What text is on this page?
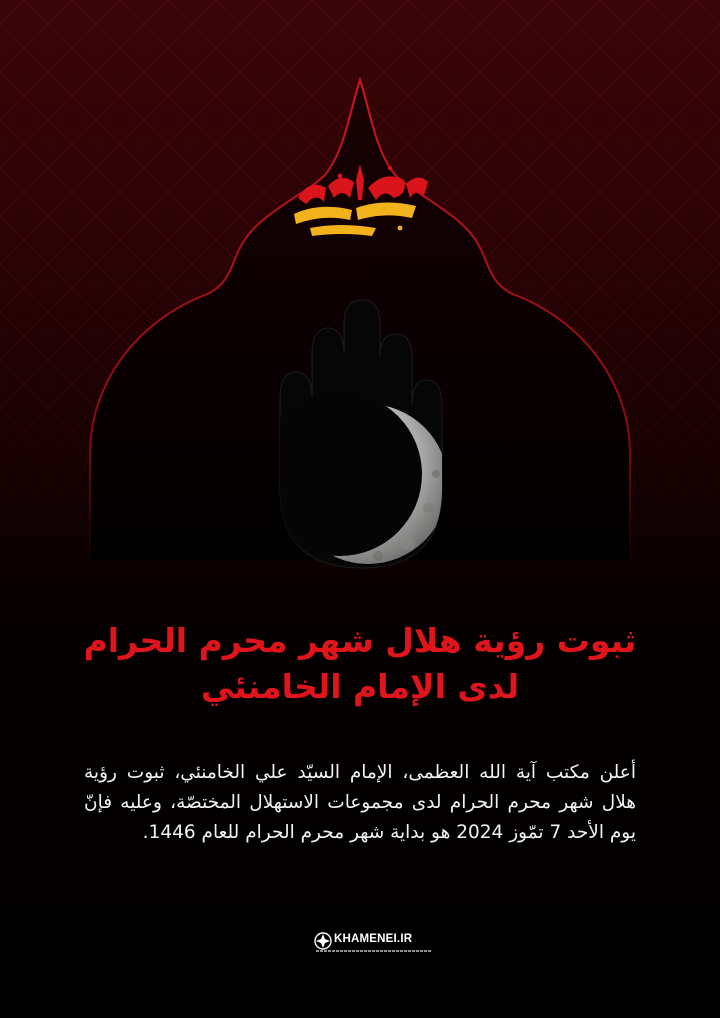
ثبوت رؤية هلال شهر محرم الحرام
لدى الإمام الخامنئي

أعلن مكتب آية الله العظمى، الإمام السيّد علي الخامنئي، ثبوت رؤية هلال شهر محرم الحرام لدى مجموعات الاستهلال المختصّة، وعليه فإنّ يوم الأحد 7 تمّوز 2024 هو بداية شهر محرم الحرام للعام 1446.

KHAMENEI.IR
